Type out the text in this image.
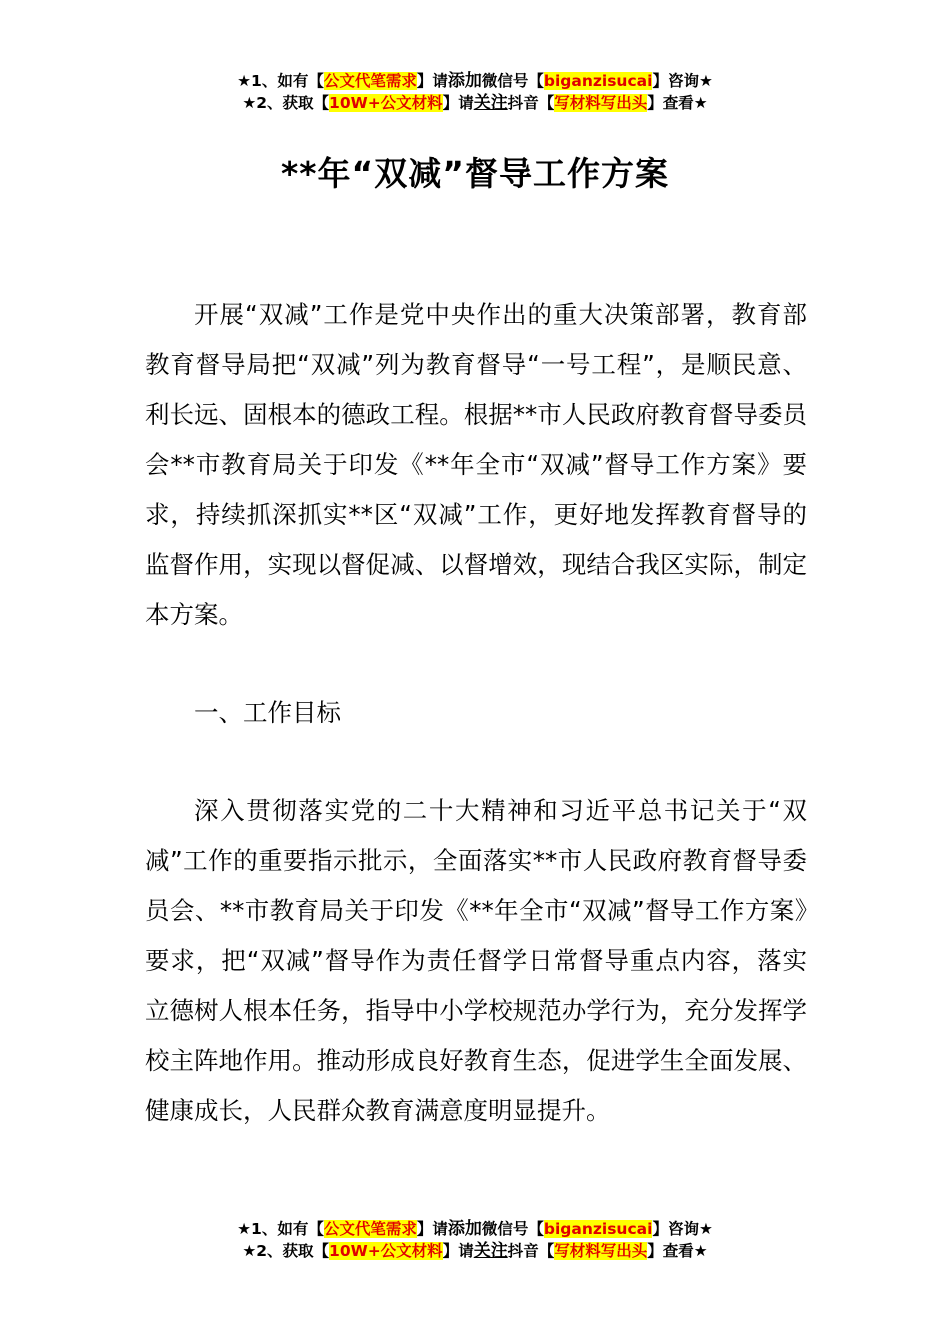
★1、如有【公文代笔需求】请添加微信号【biganzisucai】咨询★
★2、获取【10W+公文材料】请关注抖音【写材料写出头】查看★
**年“双减”督导工作方案
开展“双减”工作是党中央作出的重大决策部署，教育部教育督导局把“双减”列为教育督导“一号工程”，是顺民意、利长远、固根本的德政工程。根据**市人民政府教育督导委员会**市教育局关于印发《**年全市“双减”督导工作方案》要求，持续抓深抓实**区“双减”工作，更好地发挥教育督导的监督作用，实现以督促减、以督增效，现结合我区实际，制定本方案。
一、工作目标
深入贯彻落实党的二十大精神和习近平总书记关于“双减”工作的重要指示批示，全面落实**市人民政府教育督导委员会、**市教育局关于印发《**年全市“双减”督导工作方案》要求，把“双减”督导作为责任督学日常督导重点内容，落实立德树人根本任务，指导中小学校规范办学行为，充分发挥学校主阵地作用。推动形成良好教育生态，促进学生全面发展、健康成长，人民群众教育满意度明显提升。
★1、如有【公文代笔需求】请添加微信号【biganzisucai】咨询★
★2、获取【10W+公文材料】请关注抖音【写材料写出头】查看★
